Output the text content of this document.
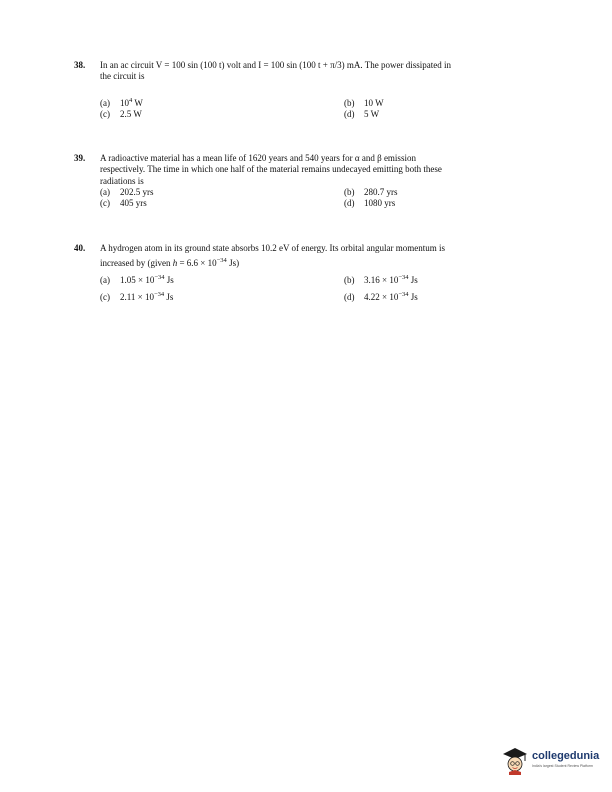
38. In an ac circuit V = 100 sin (100 t) volt and I = 100 sin (100 t + π/3) mA. The power dissipated in
the circuit is
(a) $10^4$ W	(b) 10 W
(c) 2.5 W	(d) 5 W
39. A radioactive material has a mean life of 1620 years and 540 years for α and β emission
respectively. The time in which one half of the material remains undecayed emitting both these
radiations is
(a) 202.5 yrs	(b) 280.7 yrs
(c) 405 yrs	(d) 1080 yrs
40. A hydrogen atom in its ground state absorbs 10.2 eV of energy. Its orbital angular momentum is
increased by (given $h = 6.6 \times 10^{-34}$ Js)
(a) $1.05 \times 10^{-34}$ Js	(b) $3.16 \times 10^{-34}$ Js
(c) $2.11 \times 10^{-34}$ Js	(d) $4.22 \times 10^{-34}$ Js
collegedunia
India's largest Student Review Platform
